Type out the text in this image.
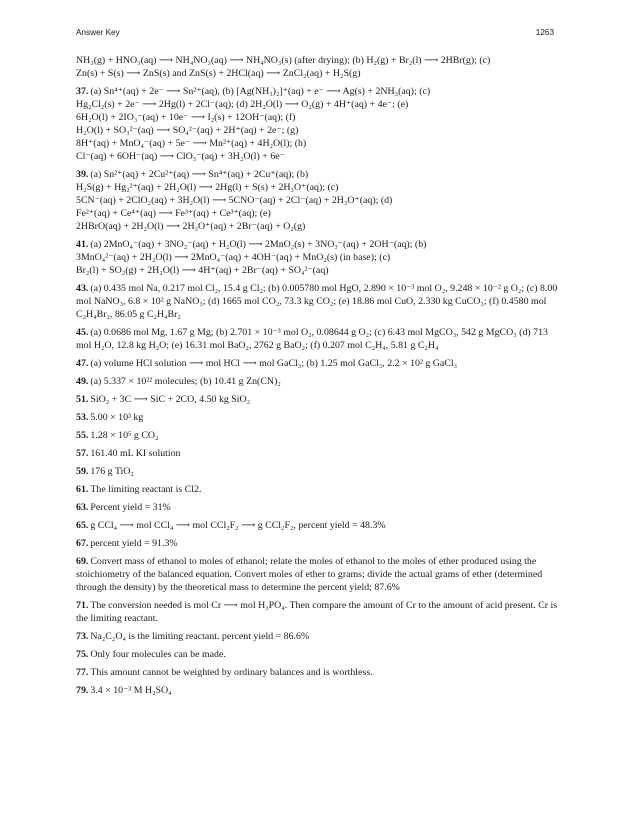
Answer Key	1263
NH₃(g) + HNO₃(aq) ⟶ NH₄NO₃(aq) ⟶ NH₄NO₃(s) (after drying); (b) H₂(g) + Br₂(l) ⟶ 2HBr(g); (c)
Zn(s) + S(s) ⟶ ZnS(s) and ZnS(s) + 2HCl(aq) ⟶ ZnCl₂(aq) + H₂S(g)
37. (a) Sn⁴⁺(aq) + 2e⁻ ⟶ Sn²⁺(aq), (b) [Ag(NH₃)₂]⁺(aq) + e⁻ ⟶ Ag(s) + 2NH₃(aq); (c)
Hg₂Cl₂(s) + 2e⁻ ⟶ 2Hg(l) + 2Cl⁻(aq); (d) 2H₂O(l) ⟶ O₂(g) + 4H⁺(aq) + 4e⁻; (e)
6H₂O(l) + 2IO₃⁻(aq) + 10e⁻ ⟶ I₂(s) + 12OH⁻(aq); (f)
H₂O(l) + SO₃²⁻(aq) ⟶ SO₄²⁻(aq) + 2H⁺(aq) + 2e⁻; (g)
8H⁺(aq) + MnO₄⁻(aq) + 5e⁻ ⟶ Mn²⁺(aq) + 4H₂O(l); (h)
Cl⁻(aq) + 6OH⁻(aq) ⟶ ClO₃⁻(aq) + 3H₂O(l) + 6e⁻
39. (a) Sn²⁺(aq) + 2Cu²⁺(aq) ⟶ Sn⁴⁺(aq) + 2Cu⁺(aq); (b)
H₂S(g) + Hg₂²⁺(aq) + 2H₂O(l) ⟶ 2Hg(l) + S(s) + 2H₃O⁺(aq); (c)
5CN⁻(aq) + 2ClO₂(aq) + 3H₂O(l) ⟶ 5CNO⁻(aq) + 2Cl⁻(aq) + 2H₃O⁺(aq); (d)
Fe²⁺(aq) + Ce⁴⁺(aq) ⟶ Fe³⁺(aq) + Ce³⁺(aq); (e)
2HBrO(aq) + 2H₂O(l) ⟶ 2H₃O⁺(aq) + 2Br⁻(aq) + O₂(g)
41. (a) 2MnO₄⁻(aq) + 3NO₂⁻(aq) + H₂O(l) ⟶ 2MnO₂(s) + 3NO₃⁻(aq) + 2OH⁻(aq); (b)
3MnO₄²⁻(aq) + 2H₂O(l) ⟶ 2MnO₄⁻(aq) + 4OH⁻(aq) + MnO₂(s) (in base); (c)
Br₂(l) + SO₂(g) + 2H₂O(l) ⟶ 4H⁺(aq) + 2Br⁻(aq) + SO₄²⁻(aq)
43. (a) 0.435 mol Na, 0.217 mol Cl₂, 15.4 g Cl₂; (b) 0.005780 mol HgO, 2.890 × 10⁻³ mol O₂, 9.248 × 10⁻² g O₂; (c) 8.00 mol NaNO₃, 6.8 × 10² g NaNO₃; (d) 1665 mol CO₂, 73.3 kg CO₂; (e) 18.86 mol CuO, 2.330 kg CuCO₃; (f) 0.4580 mol C₂H₄Br₂, 86.05 g C₂H₄Br₂
45. (a) 0.0686 mol Mg, 1.67 g Mg; (b) 2.701 × 10⁻³ mol O₂, 0.08644 g O₂; (c) 6.43 mol MgCO₃, 542 g MgCO₃ (d) 713 mol H₂O, 12.8 kg H₂O; (e) 16.31 mol BaO₂, 2762 g BaO₂; (f) 0.207 mol C₂H₄, 5.81 g C₂H₄
47. (a) volume HCl solution ⟶ mol HCl ⟶ mol GaCl₃; (b) 1.25 mol GaCl₃, 2.2 × 10² g GaCl₃
49. (a) 5.337 × 10²² molecules; (b) 10.41 g Zn(CN)₂
51. SiO₂ + 3C ⟶ SiC + 2CO, 4.50 kg SiO₂
53. 5.00 × 10³ kg
55. 1.28 × 10⁵ g CO₂
57. 161.40 mL KI solution
59. 176 g TiO₂
61. The limiting reactant is Cl2.
63. Percent yield = 31%
65. g CCl₄ ⟶ mol CCl₄ ⟶ mol CCl₂F₂ ⟶ g CCl₂F₂, percent yield = 48.3%
67. percent yield = 91.3%
69. Convert mass of ethanol to moles of ethanol; relate the moles of ethanol to the moles of ether produced using the stoichiometry of the balanced equation. Convert moles of ether to grams; divide the actual grams of ether (determined through the density) by the theoretical mass to determine the percent yield; 87.6%
71. The conversion needed is mol Cr ⟶ mol H₃PO₄. Then compare the amount of Cr to the amount of acid present. Cr is the limiting reactant.
73. Na₂C₂O₄ is the limiting reactant. percent yield = 86.6%
75. Only four molecules can be made.
77. This amount cannot be weighted by ordinary balances and is worthless.
79. 3.4 × 10⁻³ M H₂SO₄
